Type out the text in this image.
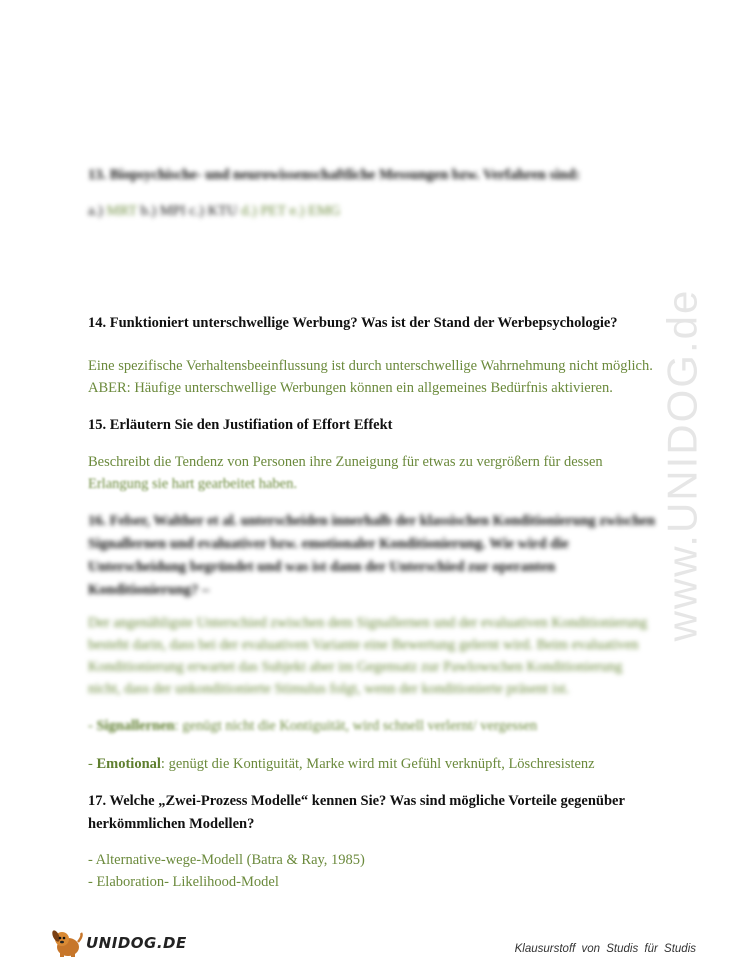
www.UNIDOG.de
13. Biopsychische- und neurowissenschaftliche Messungen bzw. Verfahren sind:
a.) MRT b.) MPI c.) KTU d.) PET e.) EMG
14. Funktioniert unterschwellige Werbung? Was ist der Stand der Werbepsychologie?
Eine spezifische Verhaltensbeeinflussung ist durch unterschwellige Wahrnehmung nicht möglich.
ABER: Häufige unterschwellige Werbungen können ein allgemeines Bedürfnis aktivieren.
15. Erläutern Sie den Justifiation of Effort Effekt
Beschreibt die Tendenz von Personen ihre Zuneigung für etwas zu vergrößern für dessen
Erlangung sie hart gearbeitet haben.
16. Felser, Walther et al. unterscheiden innerhalb der klassischen Konditionierung zwischen
Signallernen und evaluativer bzw. emotionaler Konditionierung. Wie wird die
Unterscheidung begründet und was ist dann der Unterschied zur operanten
Konditionierung? –
Der angenähligste Unterschied zwischen dem Signallernen und der evaluativen Konditionierung
besteht darin, dass bei der evaluativen Variante eine Bewertung gelernt wird. Beim evaluativen
Konditionierung erwartet das Subjekt aber im Gegensatz zur Pawlowschen Konditionierung
nicht, dass der unkonditionierte Stimulus folgt, wenn der konditionierte präsent ist.
- Signallernen: genügt nicht die Kontiguität, wird schnell verlernt/ vergessen
- Emotional: genügt die Kontiguität, Marke wird mit Gefühl verknüpft, Löschresistenz
17. Welche „Zwei-Prozess Modelle“ kennen Sie? Was sind mögliche Vorteile gegenüber
herkömmlichen Modellen?
- Alternative-wege-Modell (Batra & Ray, 1985)
- Elaboration- Likelihood-Model
UNIDOG.DE	Klausurstoff von Studis für Studis
